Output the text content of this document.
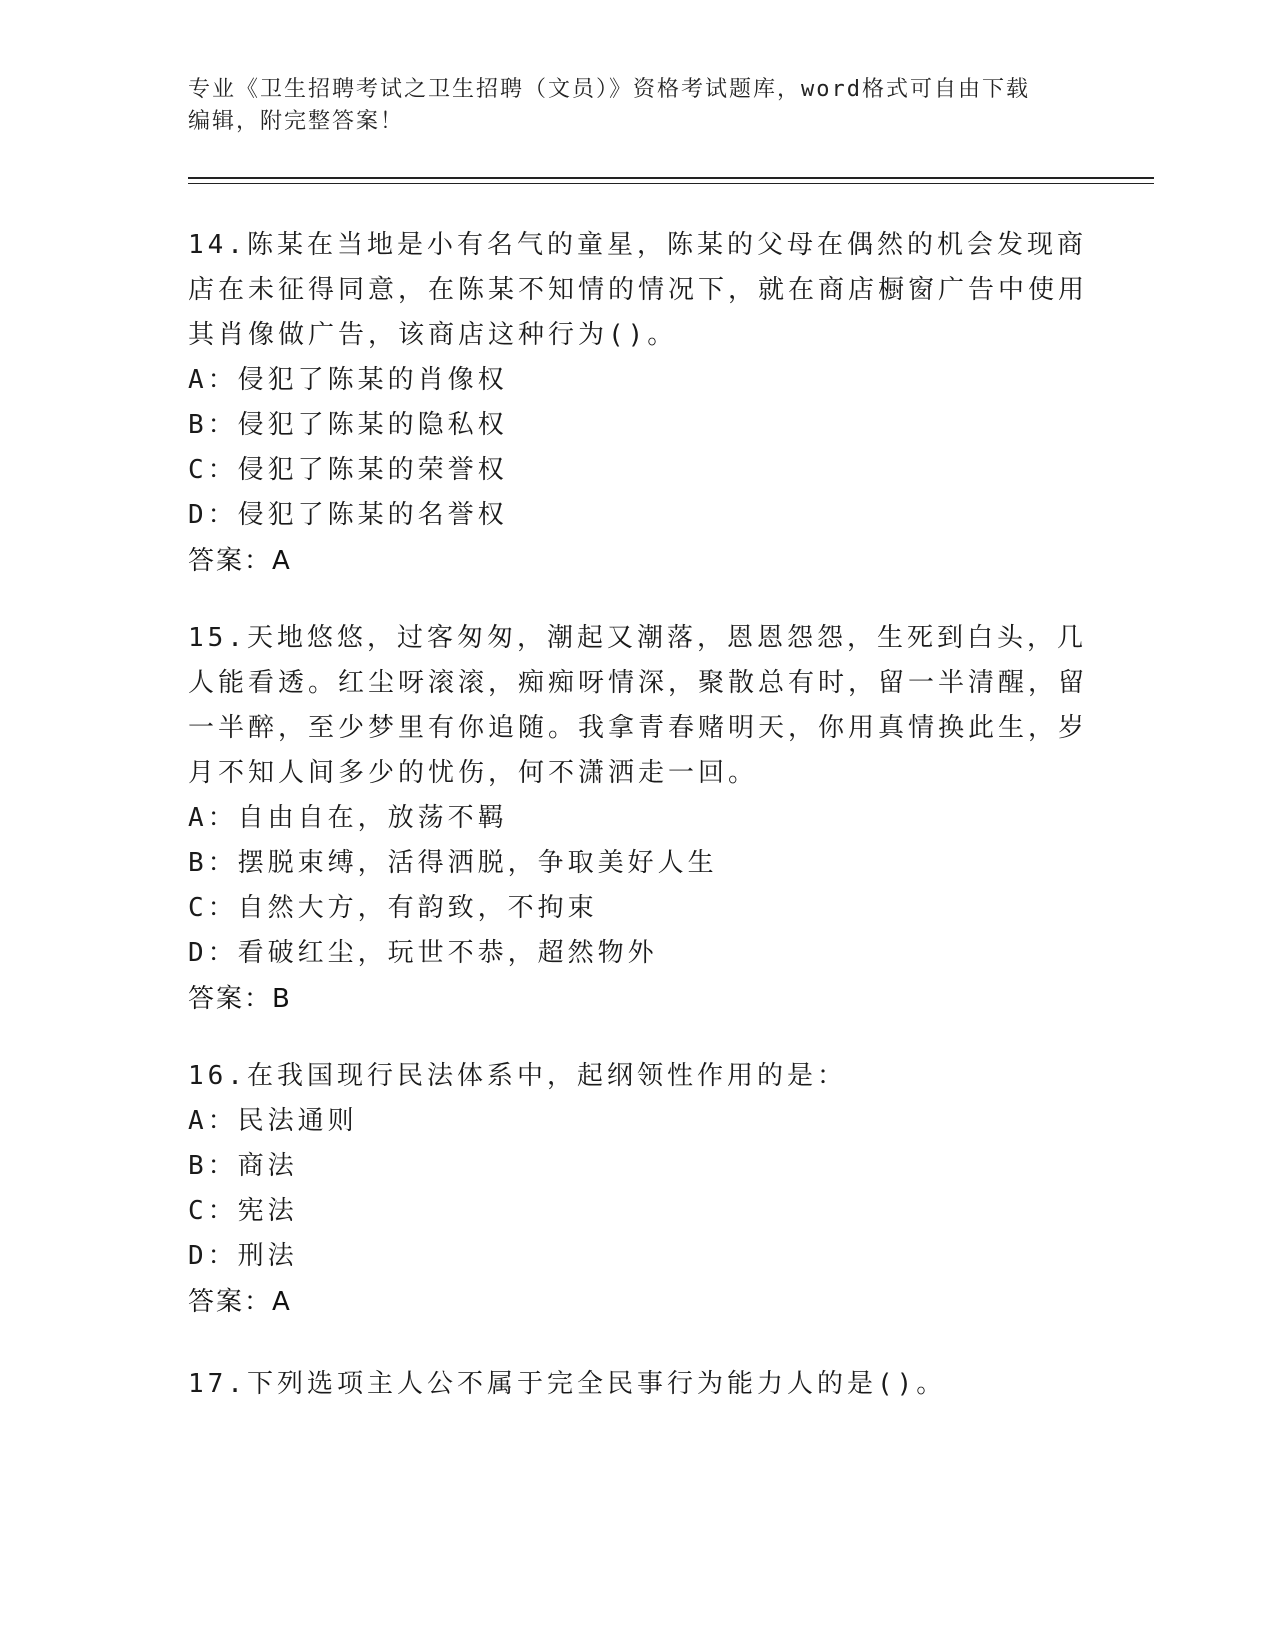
专业《卫生招聘考试之卫生招聘（文员）》资格考试题库，word格式可自由下载
编辑，附完整答案！

14.陈某在当地是小有名气的童星，陈某的父母在偶然的机会发现商店在未征得同意，在陈某不知情的情况下，就在商店橱窗广告中使用其肖像做广告，该商店这种行为()。

A：侵犯了陈某的肖像权

B：侵犯了陈某的隐私权

C：侵犯了陈某的荣誉权

D：侵犯了陈某的名誉权

答案：A

15.天地悠悠，过客匆匆，潮起又潮落，恩恩怨怨，生死到白头，几人能看透。红尘呀滚滚，痴痴呀情深，聚散总有时，留一半清醒，留一半醉，至少梦里有你追随。我拿青春赌明天，你用真情换此生，岁月不知人间多少的忧伤，何不潇洒走一回。

A：自由自在，放荡不羁

B：摆脱束缚，活得洒脱，争取美好人生

C：自然大方，有韵致，不拘束

D：看破红尘，玩世不恭，超然物外

答案：B

16.在我国现行民法体系中，起纲领性作用的是：

A：民法通则

B：商法

C：宪法

D：刑法

答案：A

17.下列选项主人公不属于完全民事行为能力人的是()。
